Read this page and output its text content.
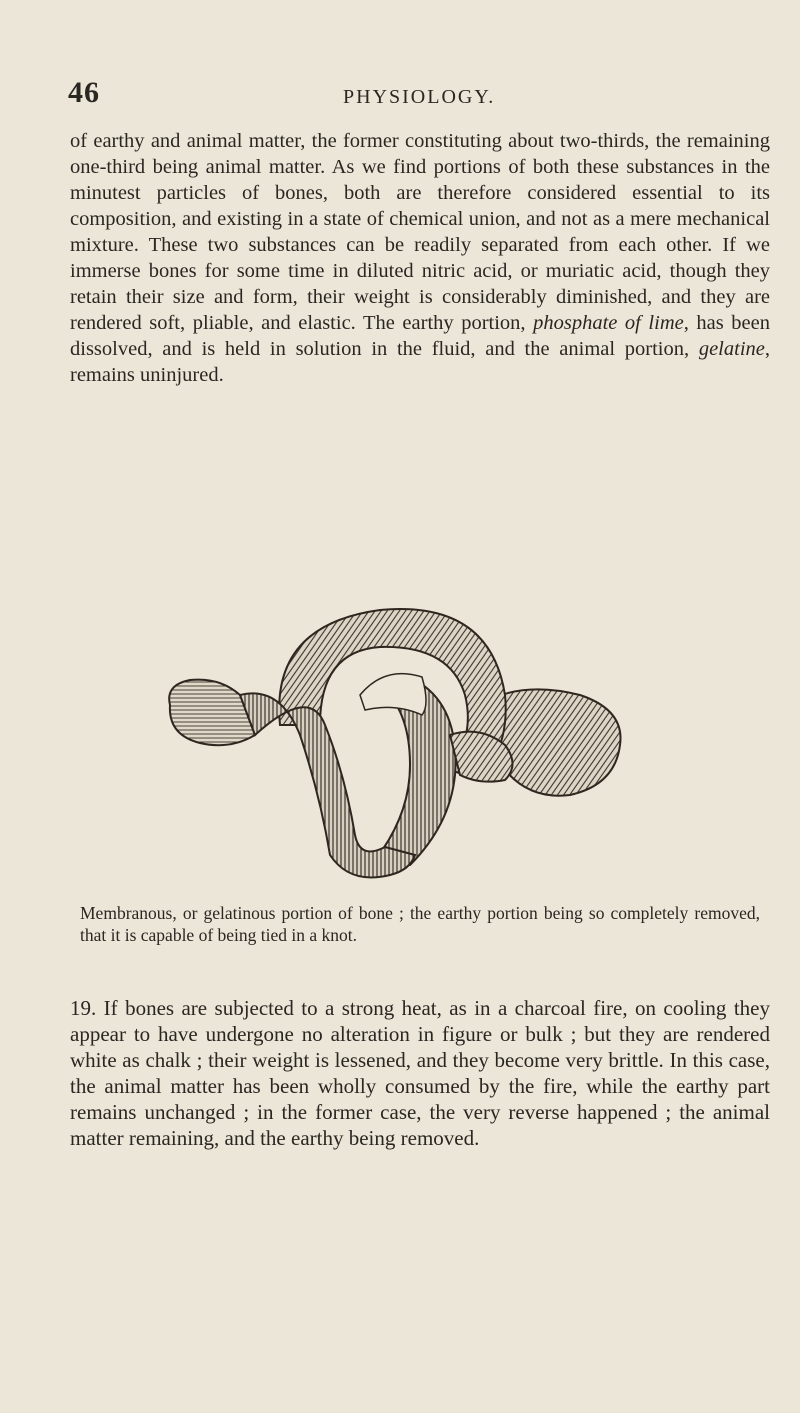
46	PHYSIOLOGY.

of earthy and animal matter, the former constituting about two-thirds, the remaining one-third being animal matter. As we find portions of both these substances in the minutest particles of bones, both are therefore considered essential to its composition, and existing in a state of chemical union, and not as a mere mechanical mixture. These two substances can be readily separated from each other. If we immerse bones for some time in diluted nitric acid, or muriatic acid, though they retain their size and form, their weight is considerably diminished, and they are rendered soft, pliable, and elastic. The earthy portion, phosphate of lime, has been dissolved, and is held in solution in the fluid, and the animal portion, gelatine, remains uninjured.

Membranous, or gelatinous portion of bone ; the earthy portion being so completely removed, that it is capable of being tied in a knot.

19. If bones are subjected to a strong heat, as in a charcoal fire, on cooling they appear to have undergone no alteration in figure or bulk ; but they are rendered white as chalk ; their weight is lessened, and they become very brittle. In this case, the animal matter has been wholly consumed by the fire, while the earthy part remains unchanged ; in the former case, the very reverse happened ; the animal matter remaining, and the earthy being removed.
